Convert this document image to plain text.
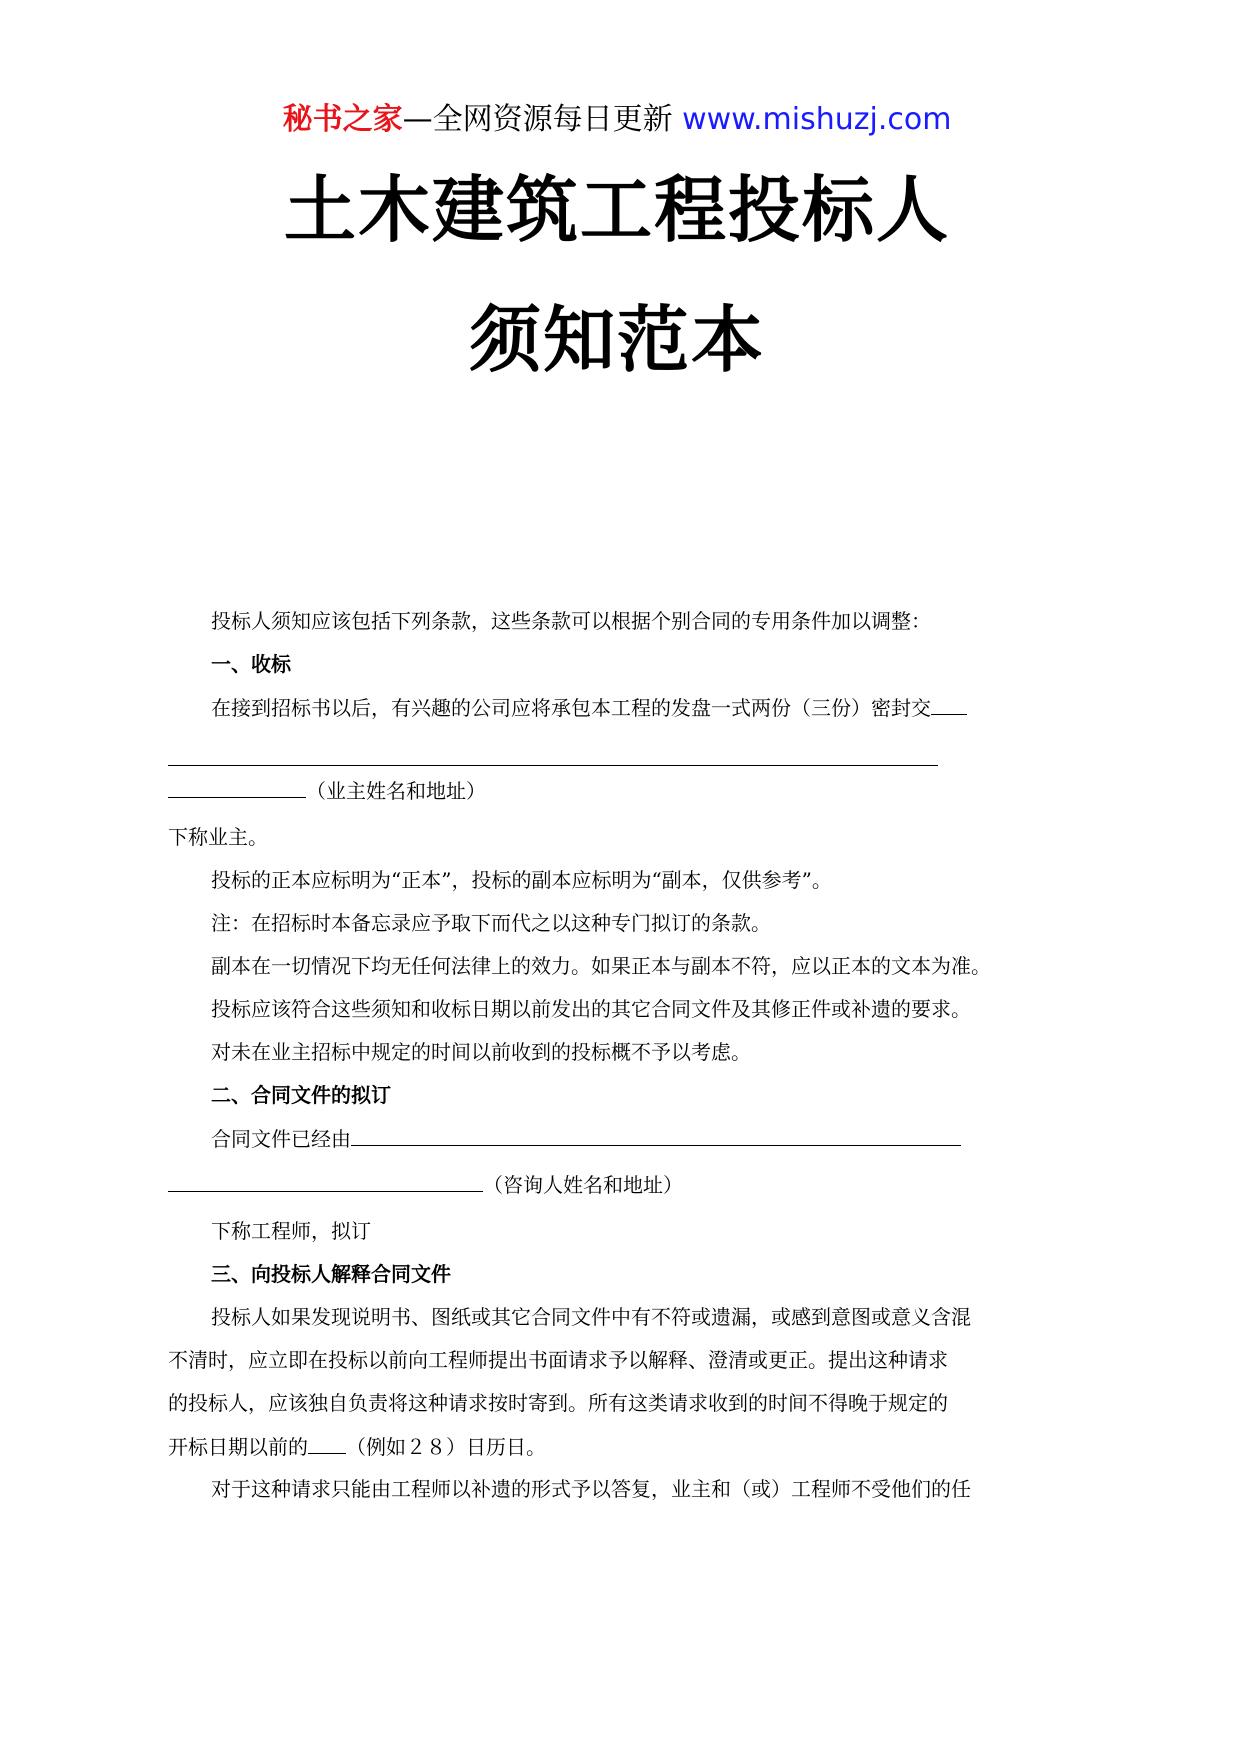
秘书之家—全网资源每日更新 www.mishuzj.com
土木建筑工程投标人
须知范本
投标人须知应该包括下列条款，这些条款可以根据个别合同的专用条件加以调整：
一、收标
在接到招标书以后，有兴趣的公司应将承包本工程的发盘一式两份（三份）密封交
（业主姓名和地址）
下称业主。
投标的正本应标明为“正本”，投标的副本应标明为“副本，仅供参考”。
注：在招标时本备忘录应予取下而代之以这种专门拟订的条款。
副本在一切情况下均无任何法律上的效力。如果正本与副本不符，应以正本的文本为准。
投标应该符合这些须知和收标日期以前发出的其它合同文件及其修正件或补遗的要求。
对未在业主招标中规定的时间以前收到的投标概不予以考虑。
二、合同文件的拟订
合同文件已经由
（咨询人姓名和地址）
下称工程师，拟订
三、向投标人解释合同文件
投标人如果发现说明书、图纸或其它合同文件中有不符或遗漏，或感到意图或意义含混
不清时，应立即在投标以前向工程师提出书面请求予以解释、澄清或更正。提出这种请求
的投标人，应该独自负责将这种请求按时寄到。所有这类请求收到的时间不得晚于规定的
开标日期以前的 （例如２８）日历日。
对于这种请求只能由工程师以补遗的形式予以答复，业主和（或）工程师不受他们的任
